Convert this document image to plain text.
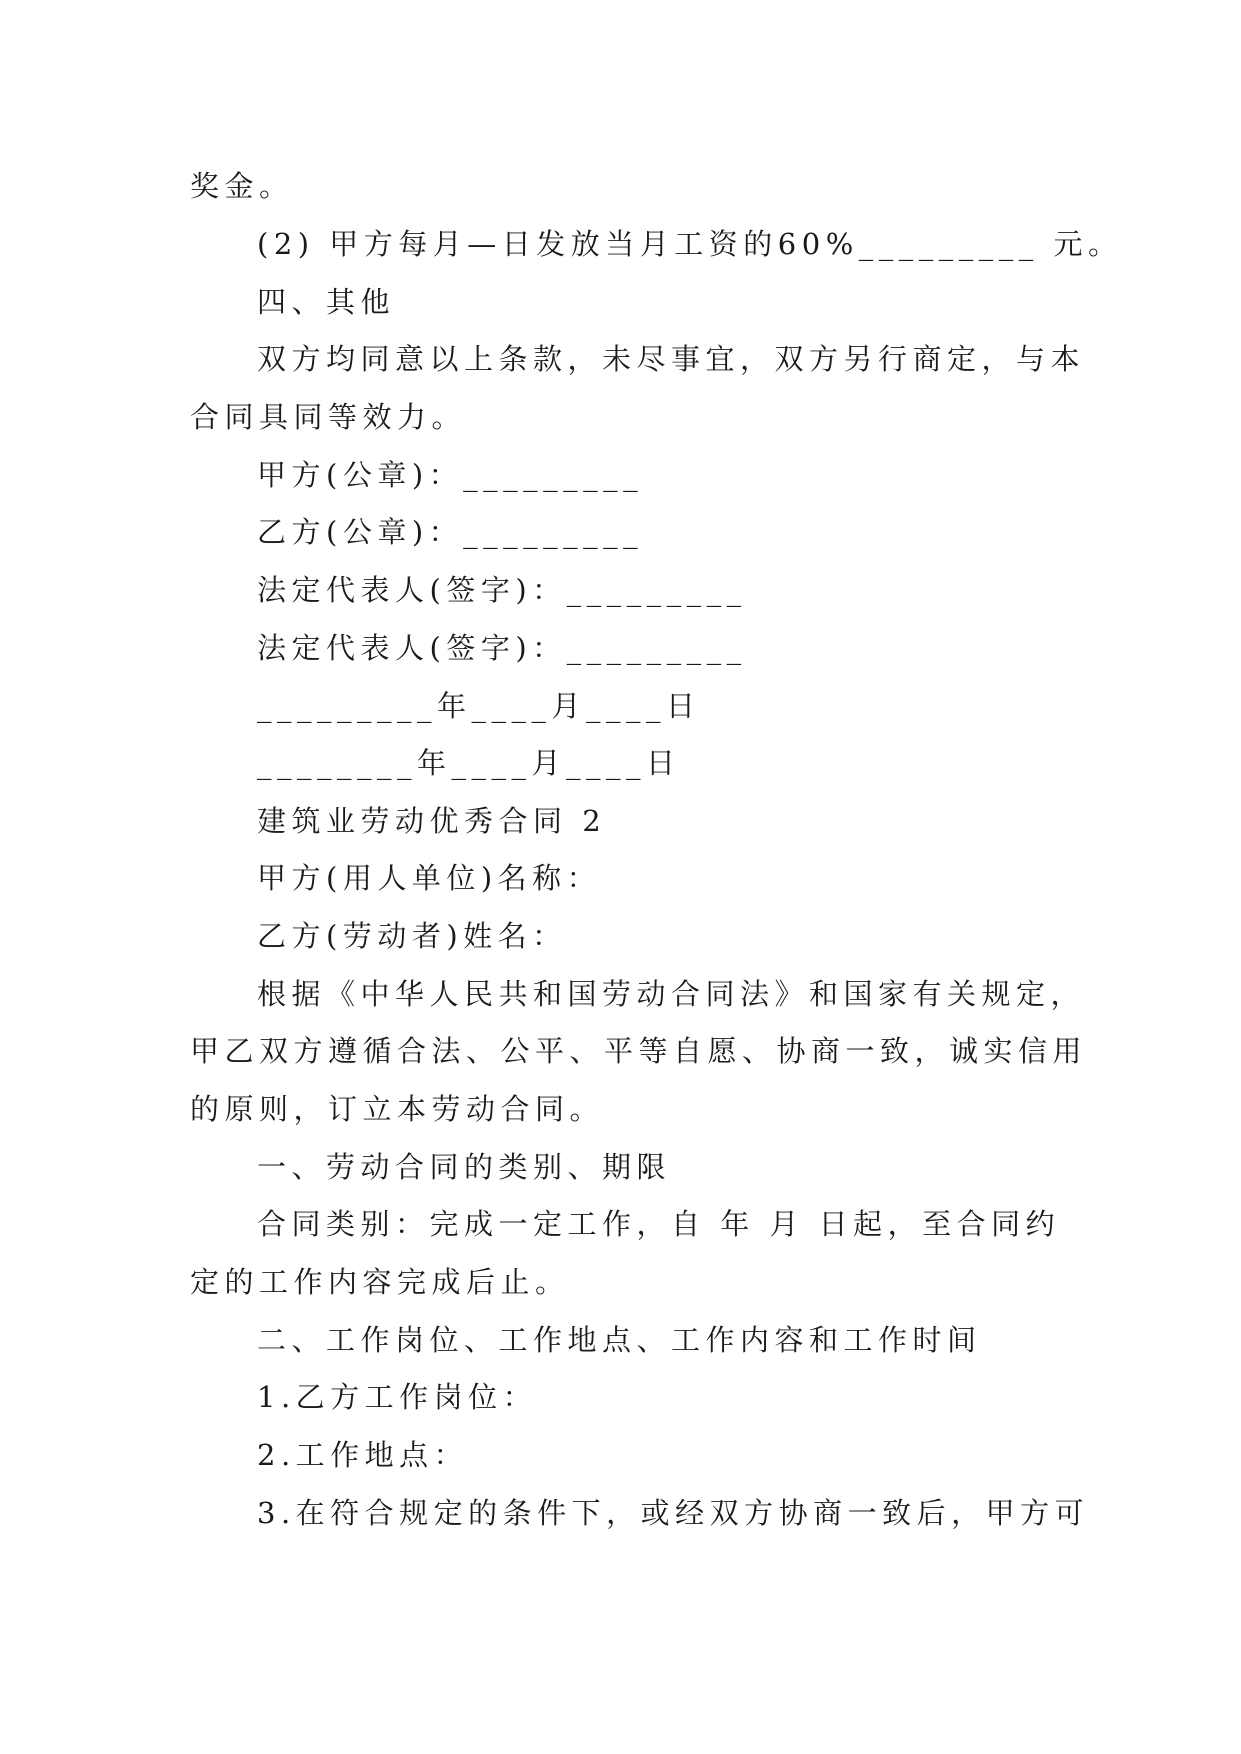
奖金。

(2) 甲方每月—日发放当月工资的60%_________ 元。

四、其他

双方均同意以上条款，未尽事宜，双方另行商定，与本

合同具同等效力。

甲方(公章)：_________

乙方(公章)：_________

法定代表人(签字)：_________

法定代表人(签字)：_________

_________年____月____日

________年____月____日

建筑业劳动优秀合同 2

甲方(用人单位)名称：

乙方(劳动者)姓名：

根据《中华人民共和国劳动合同法》和国家有关规定，

甲乙双方遵循合法、公平、平等自愿、协商一致，诚实信用

的原则，订立本劳动合同。

一、劳动合同的类别、期限

合同类别：完成一定工作，自 年 月 日起，至合同约

定的工作内容完成后止。

二、工作岗位、工作地点、工作内容和工作时间

1.乙方工作岗位：

2.工作地点：

3.在符合规定的条件下，或经双方协商一致后，甲方可
